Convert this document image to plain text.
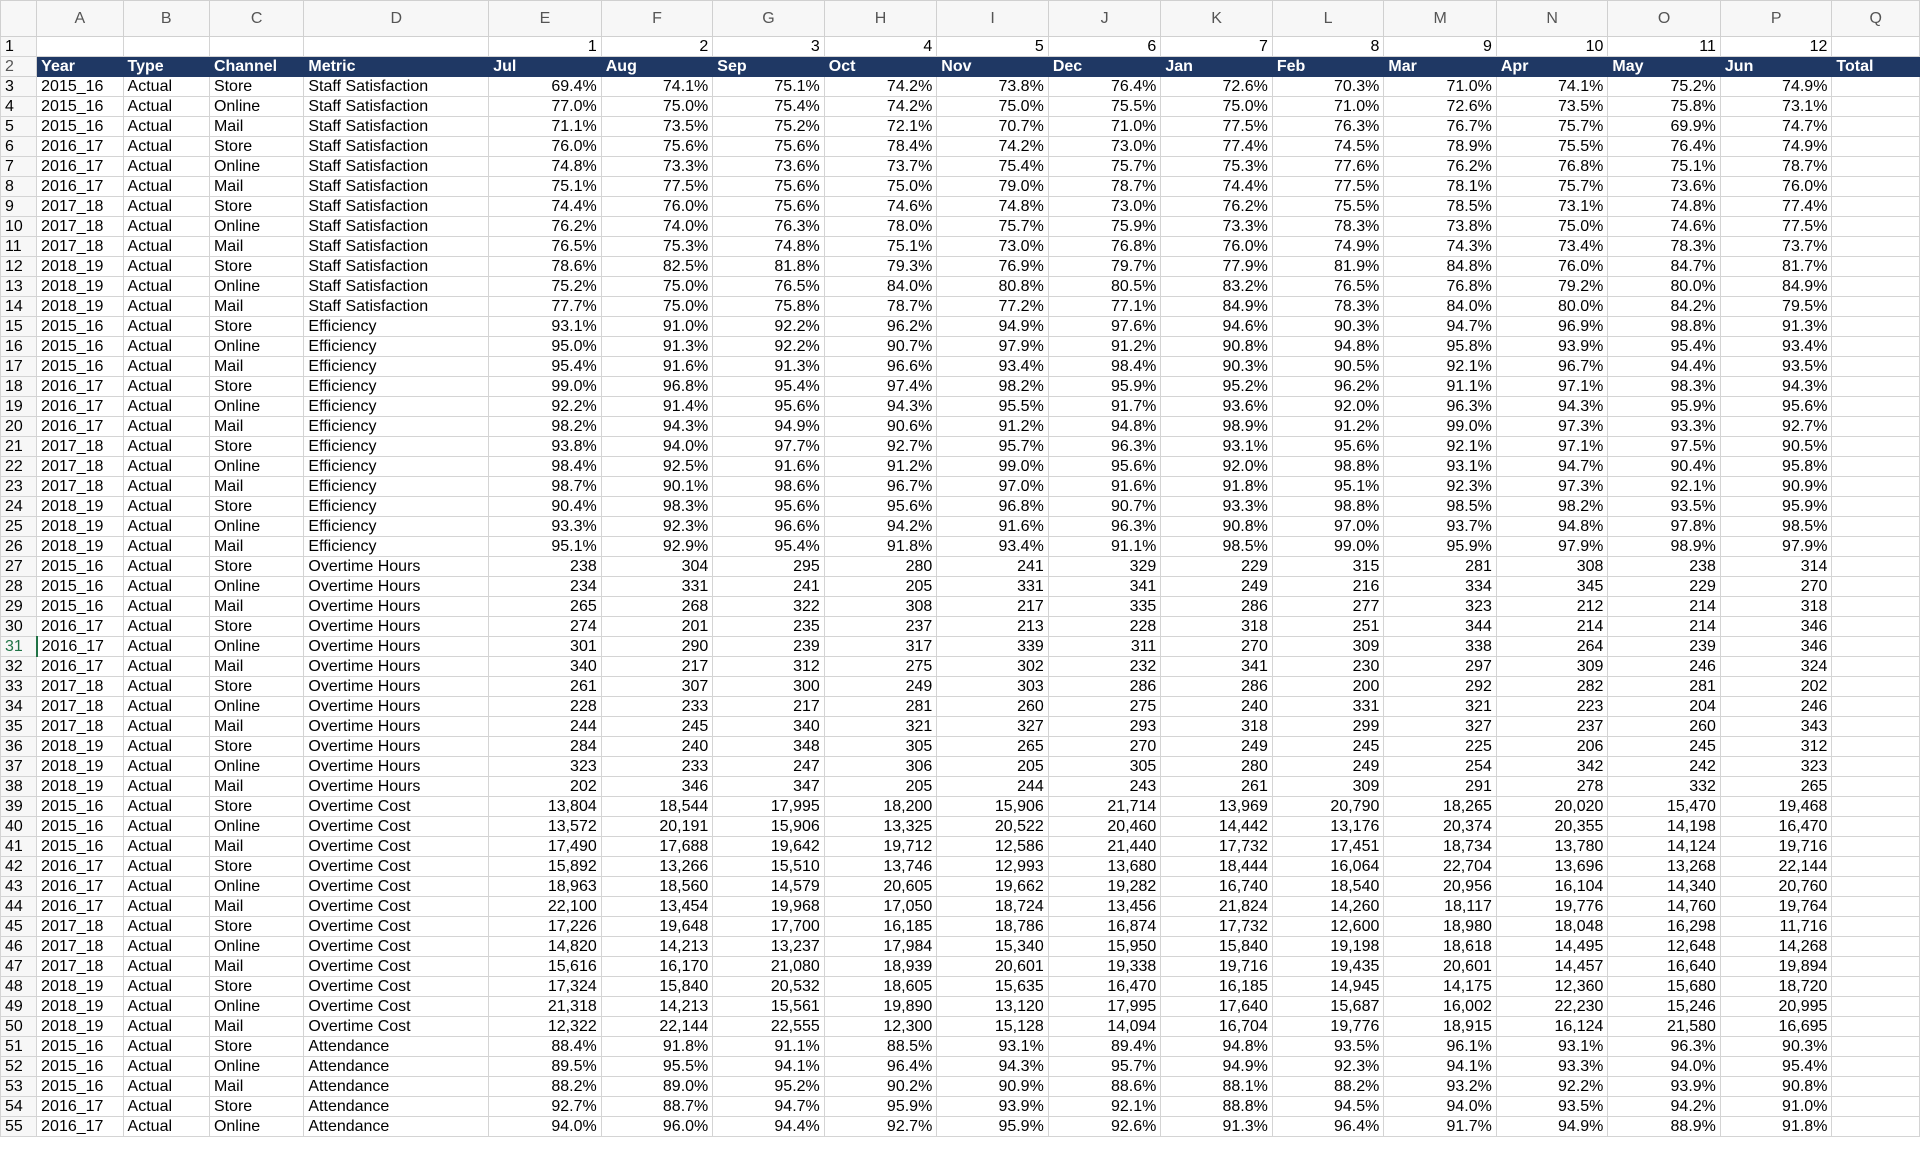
	A	B	C	D	E	F	G	H	I	J	K	L	M	N	O	P	Q
1					1	2	3	4	5	6	7	8	9	10	11	12	
2	Year	Type	Channel	Metric	Jul	Aug	Sep	Oct	Nov	Dec	Jan	Feb	Mar	Apr	May	Jun	Total
3	2015_16	Actual	Store	Staff Satisfaction	69.4%	74.1%	75.1%	74.2%	73.8%	76.4%	72.6%	70.3%	71.0%	74.1%	75.2%	74.9%	
4	2015_16	Actual	Online	Staff Satisfaction	77.0%	75.0%	75.4%	74.2%	75.0%	75.5%	75.0%	71.0%	72.6%	73.5%	75.8%	73.1%	
5	2015_16	Actual	Mail	Staff Satisfaction	71.1%	73.5%	75.2%	72.1%	70.7%	71.0%	77.5%	76.3%	76.7%	75.7%	69.9%	74.7%	
6	2016_17	Actual	Store	Staff Satisfaction	76.0%	75.6%	75.6%	78.4%	74.2%	73.0%	77.4%	74.5%	78.9%	75.5%	76.4%	74.9%	
7	2016_17	Actual	Online	Staff Satisfaction	74.8%	73.3%	73.6%	73.7%	75.4%	75.7%	75.3%	77.6%	76.2%	76.8%	75.1%	78.7%	
8	2016_17	Actual	Mail	Staff Satisfaction	75.1%	77.5%	75.6%	75.0%	79.0%	78.7%	74.4%	77.5%	78.1%	75.7%	73.6%	76.0%	
9	2017_18	Actual	Store	Staff Satisfaction	74.4%	76.0%	75.6%	74.6%	74.8%	73.0%	76.2%	75.5%	78.5%	73.1%	74.8%	77.4%	
10	2017_18	Actual	Online	Staff Satisfaction	76.2%	74.0%	76.3%	78.0%	75.7%	75.9%	73.3%	78.3%	73.8%	75.0%	74.6%	77.5%	
11	2017_18	Actual	Mail	Staff Satisfaction	76.5%	75.3%	74.8%	75.1%	73.0%	76.8%	76.0%	74.9%	74.3%	73.4%	78.3%	73.7%	
12	2018_19	Actual	Store	Staff Satisfaction	78.6%	82.5%	81.8%	79.3%	76.9%	79.7%	77.9%	81.9%	84.8%	76.0%	84.7%	81.7%	
13	2018_19	Actual	Online	Staff Satisfaction	75.2%	75.0%	76.5%	84.0%	80.8%	80.5%	83.2%	76.5%	76.8%	79.2%	80.0%	84.9%	
14	2018_19	Actual	Mail	Staff Satisfaction	77.7%	75.0%	75.8%	78.7%	77.2%	77.1%	84.9%	78.3%	84.0%	80.0%	84.2%	79.5%	
15	2015_16	Actual	Store	Efficiency	93.1%	91.0%	92.2%	96.2%	94.9%	97.6%	94.6%	90.3%	94.7%	96.9%	98.8%	91.3%	
16	2015_16	Actual	Online	Efficiency	95.0%	91.3%	92.2%	90.7%	97.9%	91.2%	90.8%	94.8%	95.8%	93.9%	95.4%	93.4%	
17	2015_16	Actual	Mail	Efficiency	95.4%	91.6%	91.3%	96.6%	93.4%	98.4%	90.3%	90.5%	92.1%	96.7%	94.4%	93.5%	
18	2016_17	Actual	Store	Efficiency	99.0%	96.8%	95.4%	97.4%	98.2%	95.9%	95.2%	96.2%	91.1%	97.1%	98.3%	94.3%	
19	2016_17	Actual	Online	Efficiency	92.2%	91.4%	95.6%	94.3%	95.5%	91.7%	93.6%	92.0%	96.3%	94.3%	95.9%	95.6%	
20	2016_17	Actual	Mail	Efficiency	98.2%	94.3%	94.9%	90.6%	91.2%	94.8%	98.9%	91.2%	99.0%	97.3%	93.3%	92.7%	
21	2017_18	Actual	Store	Efficiency	93.8%	94.0%	97.7%	92.7%	95.7%	96.3%	93.1%	95.6%	92.1%	97.1%	97.5%	90.5%	
22	2017_18	Actual	Online	Efficiency	98.4%	92.5%	91.6%	91.2%	99.0%	95.6%	92.0%	98.8%	93.1%	94.7%	90.4%	95.8%	
23	2017_18	Actual	Mail	Efficiency	98.7%	90.1%	98.6%	96.7%	97.0%	91.6%	91.8%	95.1%	92.3%	97.3%	92.1%	90.9%	
24	2018_19	Actual	Store	Efficiency	90.4%	98.3%	95.6%	95.6%	96.8%	90.7%	93.3%	98.8%	98.5%	98.2%	93.5%	95.9%	
25	2018_19	Actual	Online	Efficiency	93.3%	92.3%	96.6%	94.2%	91.6%	96.3%	90.8%	97.0%	93.7%	94.8%	97.8%	98.5%	
26	2018_19	Actual	Mail	Efficiency	95.1%	92.9%	95.4%	91.8%	93.4%	91.1%	98.5%	99.0%	95.9%	97.9%	98.9%	97.9%	
27	2015_16	Actual	Store	Overtime Hours	238	304	295	280	241	329	229	315	281	308	238	314	
28	2015_16	Actual	Online	Overtime Hours	234	331	241	205	331	341	249	216	334	345	229	270	
29	2015_16	Actual	Mail	Overtime Hours	265	268	322	308	217	335	286	277	323	212	214	318	
30	2016_17	Actual	Store	Overtime Hours	274	201	235	237	213	228	318	251	344	214	214	346	
31	2016_17	Actual	Online	Overtime Hours	301	290	239	317	339	311	270	309	338	264	239	346	
32	2016_17	Actual	Mail	Overtime Hours	340	217	312	275	302	232	341	230	297	309	246	324	
33	2017_18	Actual	Store	Overtime Hours	261	307	300	249	303	286	286	200	292	282	281	202	
34	2017_18	Actual	Online	Overtime Hours	228	233	217	281	260	275	240	331	321	223	204	246	
35	2017_18	Actual	Mail	Overtime Hours	244	245	340	321	327	293	318	299	327	237	260	343	
36	2018_19	Actual	Store	Overtime Hours	284	240	348	305	265	270	249	245	225	206	245	312	
37	2018_19	Actual	Online	Overtime Hours	323	233	247	306	205	305	280	249	254	342	242	323	
38	2018_19	Actual	Mail	Overtime Hours	202	346	347	205	244	243	261	309	291	278	332	265	
39	2015_16	Actual	Store	Overtime Cost	13,804	18,544	17,995	18,200	15,906	21,714	13,969	20,790	18,265	20,020	15,470	19,468	
40	2015_16	Actual	Online	Overtime Cost	13,572	20,191	15,906	13,325	20,522	20,460	14,442	13,176	20,374	20,355	14,198	16,470	
41	2015_16	Actual	Mail	Overtime Cost	17,490	17,688	19,642	19,712	12,586	21,440	17,732	17,451	18,734	13,780	14,124	19,716	
42	2016_17	Actual	Store	Overtime Cost	15,892	13,266	15,510	13,746	12,993	13,680	18,444	16,064	22,704	13,696	13,268	22,144	
43	2016_17	Actual	Online	Overtime Cost	18,963	18,560	14,579	20,605	19,662	19,282	16,740	18,540	20,956	16,104	14,340	20,760	
44	2016_17	Actual	Mail	Overtime Cost	22,100	13,454	19,968	17,050	18,724	13,456	21,824	14,260	18,117	19,776	14,760	19,764	
45	2017_18	Actual	Store	Overtime Cost	17,226	19,648	17,700	16,185	18,786	16,874	17,732	12,600	18,980	18,048	16,298	11,716	
46	2017_18	Actual	Online	Overtime Cost	14,820	14,213	13,237	17,984	15,340	15,950	15,840	19,198	18,618	14,495	12,648	14,268	
47	2017_18	Actual	Mail	Overtime Cost	15,616	16,170	21,080	18,939	20,601	19,338	19,716	19,435	20,601	14,457	16,640	19,894	
48	2018_19	Actual	Store	Overtime Cost	17,324	15,840	20,532	18,605	15,635	16,470	16,185	14,945	14,175	12,360	15,680	18,720	
49	2018_19	Actual	Online	Overtime Cost	21,318	14,213	15,561	19,890	13,120	17,995	17,640	15,687	16,002	22,230	15,246	20,995	
50	2018_19	Actual	Mail	Overtime Cost	12,322	22,144	22,555	12,300	15,128	14,094	16,704	19,776	18,915	16,124	21,580	16,695	
51	2015_16	Actual	Store	Attendance	88.4%	91.8%	91.1%	88.5%	93.1%	89.4%	94.8%	93.5%	96.1%	93.1%	96.3%	90.3%	
52	2015_16	Actual	Online	Attendance	89.5%	95.5%	94.1%	96.4%	94.3%	95.7%	94.9%	92.3%	94.1%	93.3%	94.0%	95.4%	
53	2015_16	Actual	Mail	Attendance	88.2%	89.0%	95.2%	90.2%	90.9%	88.6%	88.1%	88.2%	93.2%	92.2%	93.9%	90.8%	
54	2016_17	Actual	Store	Attendance	92.7%	88.7%	94.7%	95.9%	93.9%	92.1%	88.8%	94.5%	94.0%	93.5%	94.2%	91.0%	
55	2016_17	Actual	Online	Attendance	94.0%	96.0%	94.4%	92.7%	95.9%	92.6%	91.3%	96.4%	91.7%	94.9%	88.9%	91.8%	
